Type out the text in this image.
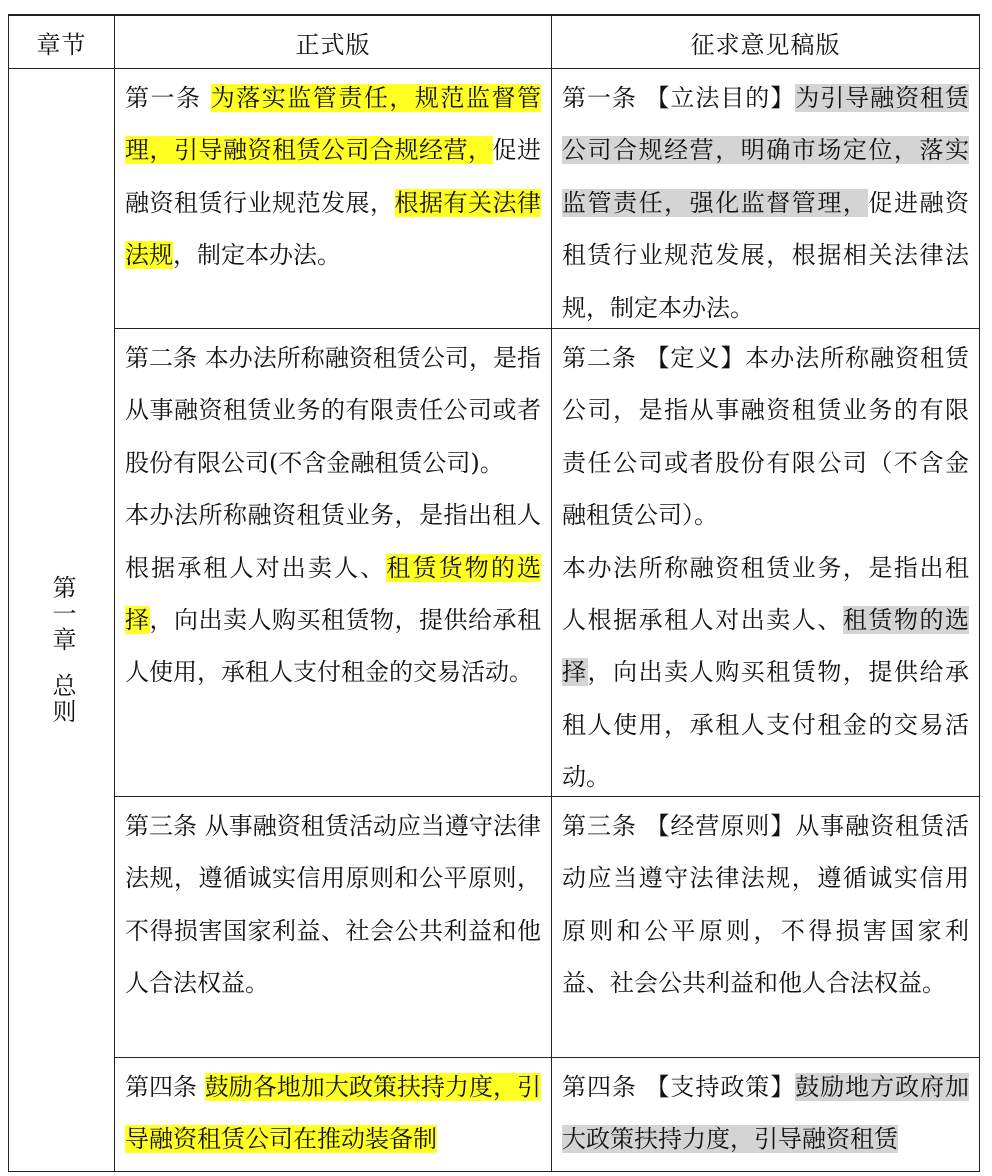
章节	正式版	征求意见稿版
第一章
总则

第一条 为落实监管责任，规范监督管理，引导融资租赁公司合规经营，促进融资租赁行业规范发展，根据有关法律法规，制定本办法。

第二条 本办法所称融资租赁公司，是指从事融资租赁业务的有限责任公司或者股份有限公司(不含金融租赁公司)。

本办法所称融资租赁业务，是指出租人根据承租人对出卖人、租赁货物的选择，向出卖人购买租赁物，提供给承租人使用，承租人支付租金的交易活动。

第三条 从事融资租赁活动应当遵守法律法规，遵循诚实信用原则和公平原则，不得损害国家利益、社会公共利益和他人合法权益。

第四条 鼓励各地加大政策扶持力度，引导融资租赁公司在推动装备制

第一条 【立法目的】为引导融资租赁公司合规经营，明确市场定位，落实监管责任，强化监督管理，促进融资租赁行业规范发展，根据相关法律法规，制定本办法。

第二条 【定义】本办法所称融资租赁公司，是指从事融资租赁业务的有限责任公司或者股份有限公司（不含金融租赁公司）。

本办法所称融资租赁业务，是指出租人根据承租人对出卖人、租赁物的选择，向出卖人购买租赁物，提供给承租人使用，承租人支付租金的交易活动。

第三条 【经营原则】从事融资租赁活动应当遵守法律法规，遵循诚实信用原则和公平原则，不得损害国家利益、社会公共利益和他人合法权益。

第四条 【支持政策】鼓励地方政府加大政策扶持力度，引导融资租赁
